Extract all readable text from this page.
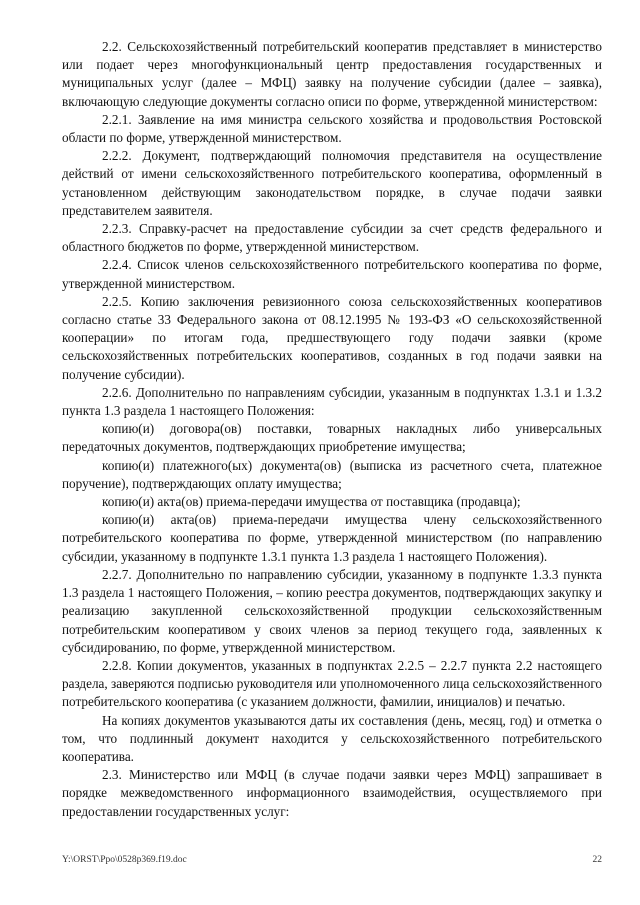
2.2. Сельскохозяйственный потребительский кооператив представляет в министерство или подает через многофункциональный центр предоставления государственных и муниципальных услуг (далее – МФЦ) заявку на получение субсидии (далее – заявка), включающую следующие документы согласно описи по форме, утвержденной министерством:

2.2.1. Заявление на имя министра сельского хозяйства и продовольствия Ростовской области по форме, утвержденной министерством.

2.2.2. Документ, подтверждающий полномочия представителя на осуществление действий от имени сельскохозяйственного потребительского кооператива, оформленный в установленном действующим законодательством порядке, в случае подачи заявки представителем заявителя.

2.2.3. Справку-расчет на предоставление субсидии за счет средств федерального и областного бюджетов по форме, утвержденной министерством.

2.2.4. Список членов сельскохозяйственного потребительского кооператива по форме, утвержденной министерством.

2.2.5. Копию заключения ревизионного союза сельскохозяйственных кооперативов согласно статье 33 Федерального закона от 08.12.1995 № 193-ФЗ «О сельскохозяйственной кооперации» по итогам года, предшествующего году подачи заявки (кроме сельскохозяйственных потребительских кооперативов, созданных в год подачи заявки на получение субсидии).

2.2.6. Дополнительно по направлениям субсидии, указанным в подпунктах 1.3.1 и 1.3.2 пункта 1.3 раздела 1 настоящего Положения:

копию(и) договора(ов) поставки, товарных накладных либо универсальных передаточных документов, подтверждающих приобретение имущества;

копию(и) платежного(ых) документа(ов) (выписка из расчетного счета, платежное поручение), подтверждающих оплату имущества;

копию(и) акта(ов) приема-передачи имущества от поставщика (продавца);

копию(и) акта(ов) приема-передачи имущества члену сельскохозяйственного потребительского кооператива по форме, утвержденной министерством (по направлению субсидии, указанному в подпункте 1.3.1 пункта 1.3 раздела 1 настоящего Положения).

2.2.7. Дополнительно по направлению субсидии, указанному в подпункте 1.3.3 пункта 1.3 раздела 1 настоящего Положения, – копию реестра документов, подтверждающих закупку и реализацию закупленной сельскохозяйственной продукции сельскохозяйственным потребительским кооперативом у своих членов за период текущего года, заявленных к субсидированию, по форме, утвержденной министерством.

2.2.8. Копии документов, указанных в подпунктах 2.2.5 – 2.2.7 пункта 2.2 настоящего раздела, заверяются подписью руководителя или уполномоченного лица сельскохозяйственного потребительского кооператива (с указанием должности, фамилии, инициалов) и печатью.

На копиях документов указываются даты их составления (день, месяц, год) и отметка о том, что подлинный документ находится у сельскохозяйственного потребительского кооператива.

2.3. Министерство или МФЦ (в случае подачи заявки через МФЦ) запрашивает в порядке межведомственного информационного взаимодействия, осуществляемого при предоставлении государственных услуг:

Y:\ORST\Ppo\0528p369.f19.doc	22
